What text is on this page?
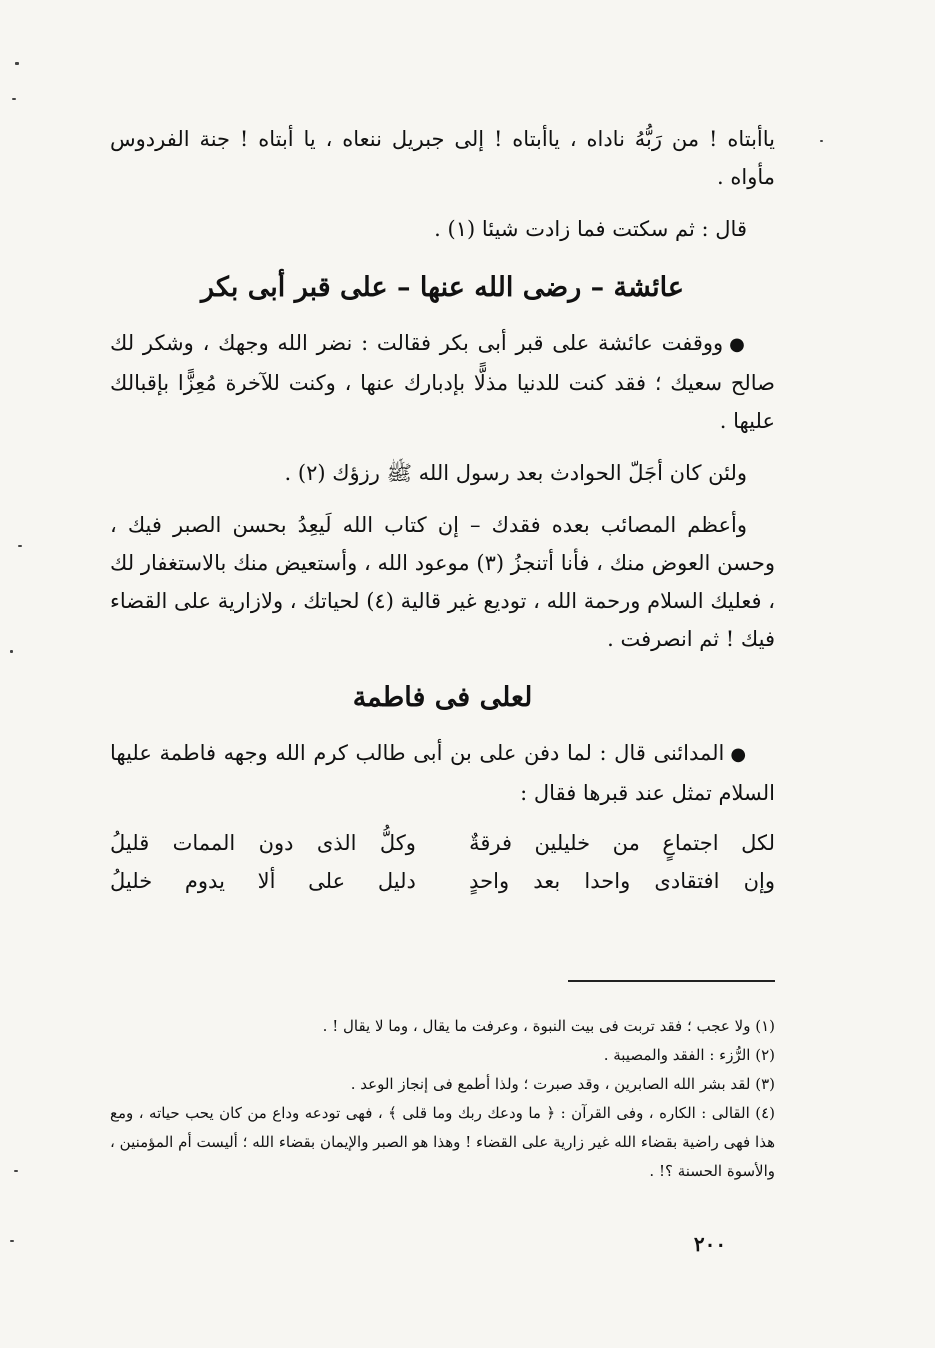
ياأبتاه ! من رَبُّهُ ناداه ، ياأبتاه ! إلى جبريل ننعاه ، يا أبتاه ! جنة الفردوس مأواه .

قال : ثم سكتت فما زادت شيئا (١) .

عائشة – رضى الله عنها – على قبر أبى بكر

●ووقفت عائشة على قبر أبى بكر فقالت : نضر الله وجهك ، وشكر لك صالح سعيك ؛ فقد كنت للدنيا مذلًّا بإدبارك عنها ، وكنت للآخرة مُعِزًّا بإقبالك عليها .

ولئن كان أجَلّ الحوادث بعد رسول الله ﷺ رزؤك (٢) .

وأعظم المصائب بعده فقدك – إن كتاب الله لَيعِدُ بحسن الصبر فيك ، وحسن العوض منك ، فأنا أتنجزُ (٣) موعود الله ، وأستعيض منك بالاستغفار لك ، فعليك السلام ورحمة الله ، توديع غير قالية (٤) لحياتك ، ولازارية على القضاء فيك ! ثم انصرفت .

لعلى فى فاطمة

●المدائنى قال : لما دفن على بن أبى طالب كرم الله وجهه فاطمة عليها السلام تمثل عند قبرها فقال :

لكل اجتماعٍ من خليلين فرقةٌ
وكلُّ الذى دون الممات قليلُ
وإن افتقادى واحدا بعد واحدٍ
دليل على ألا يدوم خليلُ

(١) ولا عجب ؛ فقد تربت فى بيت النبوة ، وعرفت ما يقال ، وما لا يقال ! .

(٢) الرُّزء : الفقد والمصيبة .

(٣) لقد بشر الله الصابرين ، وقد صبرت ؛ ولذا أطمع فى إنجاز الوعد .

(٤) القالى : الكاره ، وفى القرآن : ﴿ ما ودعك ربك وما قلى ﴾ ، فهى تودعه وداع من كان يحب حياته ، ومع هذا فهى راضية بقضاء الله غير زارية على القضاء ! وهذا هو الصبر والإيمان بقضاء الله ؛ أليست أم المؤمنين ، والأسوة الحسنة ؟! .

٢٠٠
